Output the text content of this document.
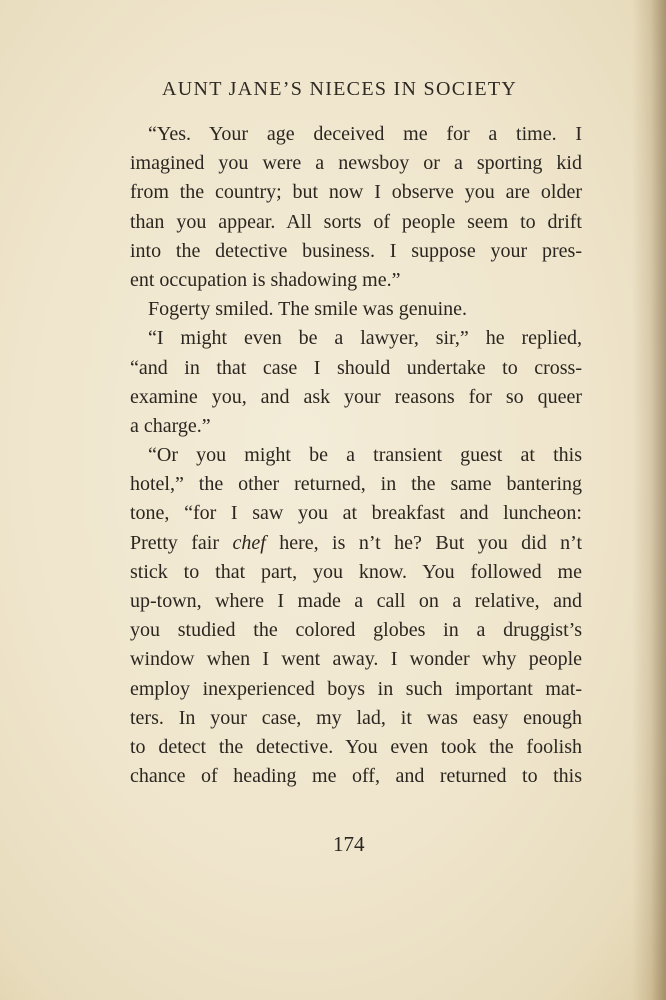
AUNT JANE’S NIECES IN SOCIETY
“Yes. Your age deceived me for a time. I
imagined you were a newsboy or a sporting kid
from the country; but now I observe you are older
than you appear. All sorts of people seem to drift
into the detective business. I suppose your pres-
ent occupation is shadowing me.”
Fogerty smiled. The smile was genuine.
“I might even be a lawyer, sir,” he replied,
“and in that case I should undertake to cross-
examine you, and ask your reasons for so queer
a charge.”
“Or you might be a transient guest at this
hotel,” the other returned, in the same bantering
tone, “for I saw you at breakfast and luncheon:
Pretty fair chef here, is n’t he? But you did n’t
stick to that part, you know. You followed me
up-town, where I made a call on a relative, and
you studied the colored globes in a druggist’s
window when I went away. I wonder why people
employ inexperienced boys in such important mat-
ters. In your case, my lad, it was easy enough
to detect the detective. You even took the foolish
chance of heading me off, and returned to this
174
